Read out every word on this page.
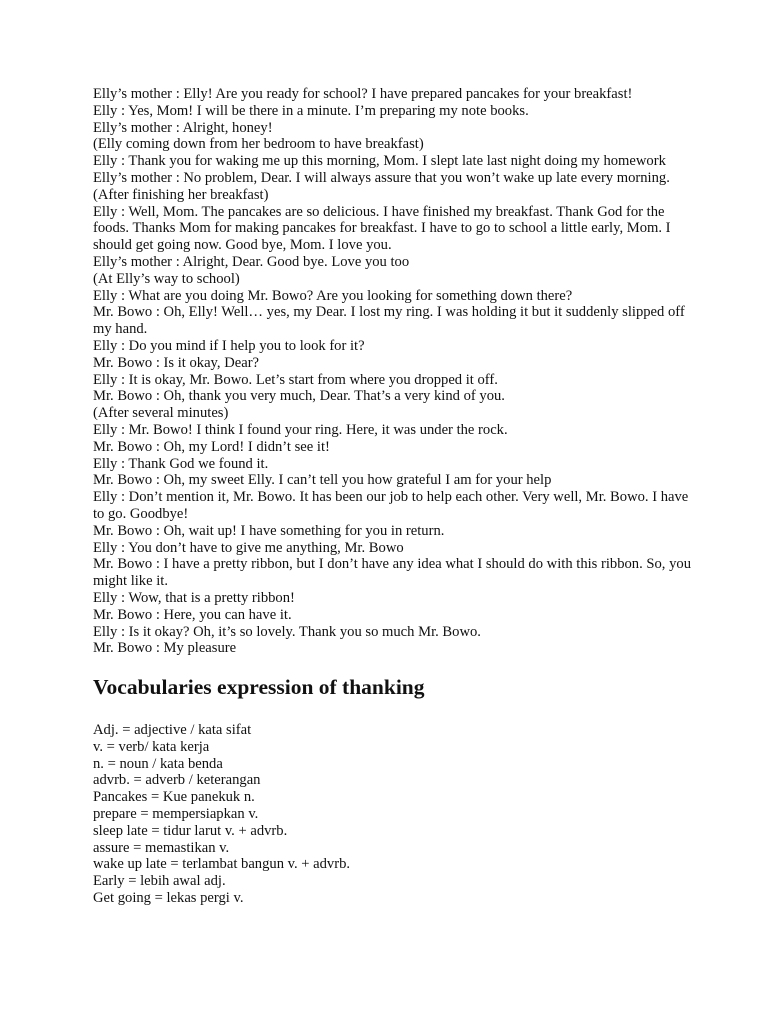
Elly’s mother : Elly! Are you ready for school? I have prepared pancakes for your breakfast!

Elly : Yes, Mom! I will be there in a minute. I’m preparing my note books.

Elly’s mother : Alright, honey!

(Elly coming down from her bedroom to have breakfast)

Elly : Thank you for waking me up this morning, Mom. I slept late last night doing my homework

Elly’s mother : No problem, Dear. I will always assure that you won’t wake up late every morning.

(After finishing her breakfast)

Elly : Well, Mom. The pancakes are so delicious. I have finished my breakfast. Thank God for the foods. Thanks Mom for making pancakes for breakfast. I have to go to school a little early, Mom. I should get going now. Good bye, Mom. I love you.

Elly’s mother : Alright, Dear. Good bye. Love you too

(At Elly’s way to school)

Elly : What are you doing Mr. Bowo? Are you looking for something down there?

Mr. Bowo : Oh, Elly! Well… yes, my Dear. I lost my ring. I was holding it but it suddenly slipped off my hand.

Elly : Do you mind if I help you to look for it?

Mr. Bowo : Is it okay, Dear?

Elly : It is okay, Mr. Bowo. Let’s start from where you dropped it off.

Mr. Bowo : Oh, thank you very much, Dear. That’s a very kind of you.

(After several minutes)

Elly : Mr. Bowo! I think I found your ring. Here, it was under the rock.

Mr. Bowo : Oh, my Lord! I didn’t see it!

Elly : Thank God we found it.

Mr. Bowo : Oh, my sweet Elly. I can’t tell you how grateful I am for your help

Elly : Don’t mention it, Mr. Bowo. It has been our job to help each other. Very well, Mr. Bowo. I have to go. Goodbye!

Mr. Bowo : Oh, wait up! I have something for you in return.

Elly : You don’t have to give me anything, Mr. Bowo

Mr. Bowo : I have a pretty ribbon, but I don’t have any idea what I should do with this ribbon. So, you might like it.

Elly : Wow, that is a pretty ribbon!

Mr. Bowo : Here, you can have it.

Elly : Is it okay? Oh, it’s so lovely. Thank you so much Mr. Bowo.

Mr. Bowo : My pleasure

Vocabularies expression of thanking

Adj. = adjective / kata sifat

v. = verb/ kata kerja

n. = noun / kata benda

advrb. = adverb / keterangan

Pancakes = Kue panekuk n.

prepare = mempersiapkan v.

sleep late = tidur larut v. + advrb.

assure = memastikan v.

wake up late = terlambat bangun v. + advrb.

Early = lebih awal adj.

Get going = lekas pergi v.
